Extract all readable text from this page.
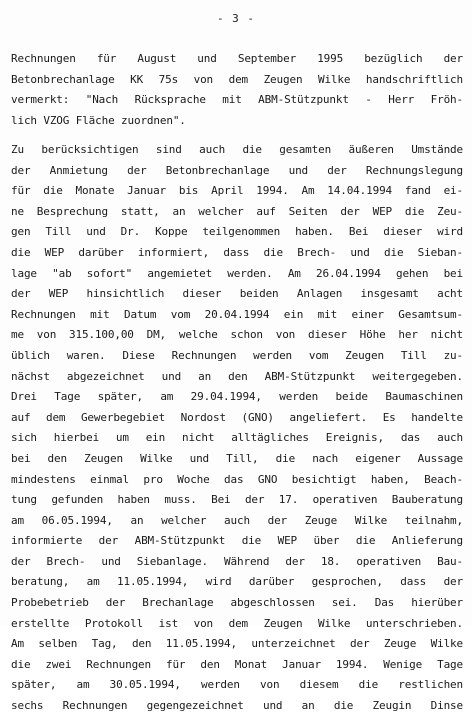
- 3 -
Rechnungen für August und September 1995 bezüglich der
Betonbrechanlage KK 75s von dem Zeugen Wilke handschriftlich
vermerkt: "Nach Rücksprache mit ABM-Stützpunkt - Herr Fröh-
lich VZOG Fläche zuordnen".
Zu berücksichtigen sind auch die gesamten äußeren Umstände
der Anmietung der Betonbrechanlage und der Rechnungslegung
für die Monate Januar bis April 1994. Am 14.04.1994 fand ei-
ne Besprechung statt, an welcher auf Seiten der WEP die Zeu-
gen Till und Dr. Koppe teilgenommen haben. Bei dieser wird
die WEP darüber informiert, dass die Brech- und die Sieban-
lage "ab sofort" angemietet werden. Am 26.04.1994 gehen bei
der WEP hinsichtlich dieser beiden Anlagen insgesamt acht
Rechnungen mit Datum vom 20.04.1994 ein mit einer Gesamtsum-
me von 315.100,00 DM, welche schon von dieser Höhe her nicht
üblich waren. Diese Rechnungen werden vom Zeugen Till zu-
nächst abgezeichnet und an den ABM-Stützpunkt weitergegeben.
Drei Tage später, am 29.04.1994, werden beide Baumaschinen
auf dem Gewerbegebiet Nordost (GNO) angeliefert. Es handelte
sich hierbei um ein nicht alltägliches Ereignis, das auch
bei den Zeugen Wilke und Till, die nach eigener Aussage
mindestens einmal pro Woche das GNO besichtigt haben, Beach-
tung gefunden haben muss. Bei der 17. operativen Bauberatung
am 06.05.1994, an welcher auch der Zeuge Wilke teilnahm,
informierte der ABM-Stützpunkt die WEP über die Anlieferung
der Brech- und Siebanlage. Während der 18. operativen Bau-
beratung, am 11.05.1994, wird darüber gesprochen, dass der
Probebetrieb der Brechanlage abgeschlossen sei. Das hierüber
erstellte Protokoll ist von dem Zeugen Wilke unterschrieben.
Am selben Tag, den 11.05.1994, unterzeichnet der Zeuge Wilke
die zwei Rechnungen für den Monat Januar 1994. Wenige Tage
später, am 30.05.1994, werden von diesem die restlichen
sechs Rechnungen gegengezeichnet und an die Zeugin Dinse
